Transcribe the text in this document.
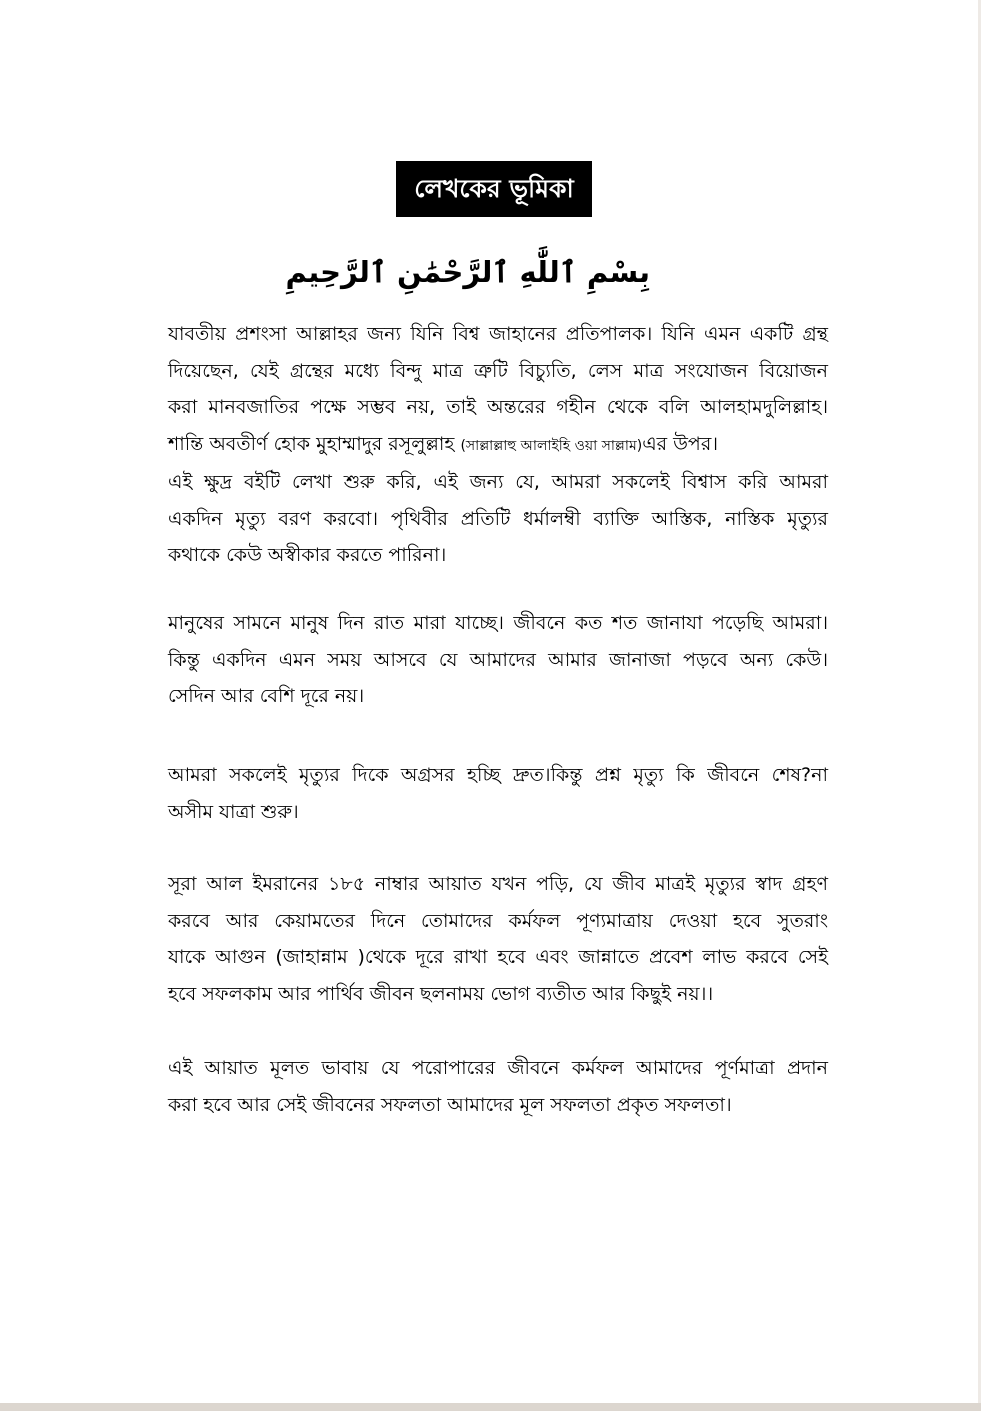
লেখকের ভূমিকা
بِسْمِ ٱللَّٰهِ ٱلرَّحْمَٰنِ ٱلرَّحِيمِ
যাবতীয় প্রশংসা আল্লাহর জন্য যিনি বিশ্ব জাহানের প্রতিপালক। যিনি এমন একটি গ্রন্থ
দিয়েছেন, যেই গ্রন্থের মধ্যে বিন্দু মাত্র ত্রুটি বিচ্যুতি, লেস মাত্র সংযোজন বিয়োজন
করা মানবজাতির পক্ষে সম্ভব নয়, তাই অন্তরের গহীন থেকে বলি আলহামদুলিল্লাহ।
শান্তি অবতীর্ণ হোক মুহাম্মাদুর রসূলুল্লাহ (সাল্লাল্লাহু আলাইহি ওয়া সাল্লাম)এর উপর।
এই ক্ষুদ্র বইটি লেখা শুরু করি, এই জন্য যে, আমরা সকলেই বিশ্বাস করি আমরা
একদিন মৃত্যু বরণ করবো। পৃথিবীর প্রতিটি ধর্মালম্বী ব্যাক্তি আস্তিক, নাস্তিক মৃত্যুর
কথাকে কেউ অস্বীকার করতে পারিনা।
মানুষের সামনে মানুষ দিন রাত মারা যাচ্ছে। জীবনে কত শত জানাযা পড়েছি আমরা।
কিন্তু একদিন এমন সময় আসবে যে আমাদের আমার জানাজা পড়বে অন্য কেউ।
সেদিন আর বেশি দূরে নয়।
আমরা সকলেই মৃত্যুর দিকে অগ্রসর হচ্ছি দ্রুত।কিন্তু প্রশ্ন মৃত্যু কি জীবনে শেষ?না
অসীম যাত্রা শুরু।
সূরা আল ইমরানের ১৮৫ নাম্বার আয়াত যখন পড়ি, যে জীব মাত্রই মৃত্যুর স্বাদ গ্রহণ
করবে আর কেয়ামতের দিনে তোমাদের কর্মফল পূণ্যমাত্রায় দেওয়া হবে সুতরাং
যাকে আগুন (জাহান্নাম )থেকে দূরে রাখা হবে এবং জান্নাতে প্রবেশ লাভ করবে সেই
হবে সফলকাম আর পার্থিব জীবন ছলনাময় ভোগ ব্যতীত আর কিছুই নয়।।
এই আয়াত মূলত ভাবায় যে পরোপারের জীবনে কর্মফল আমাদের পূর্ণমাত্রা প্রদান
করা হবে আর সেই জীবনের সফলতা আমাদের মূল সফলতা প্রকৃত সফলতা।
